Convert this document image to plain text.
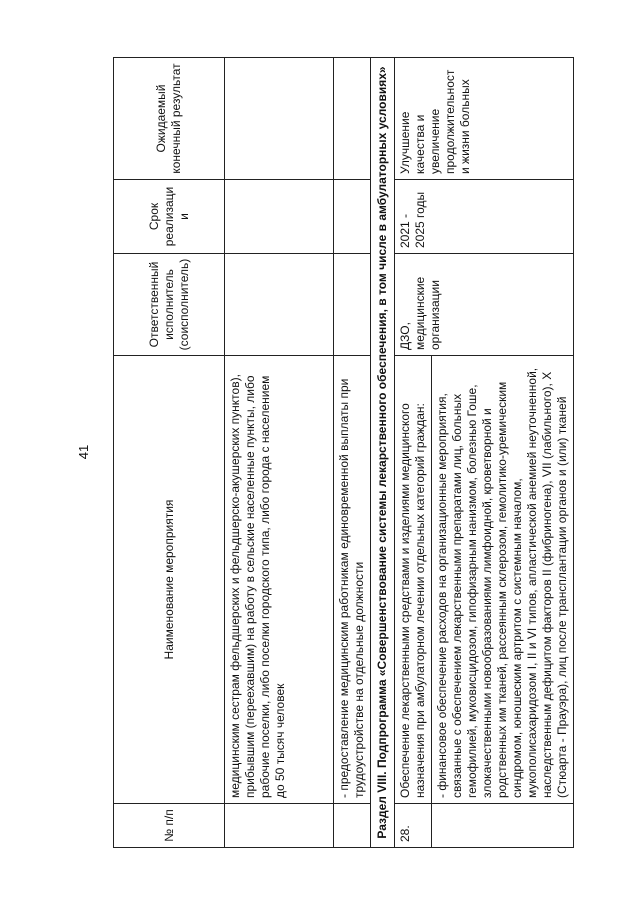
41
№ п/п	Наименование мероприятия	Ответственный исполнитель (соисполнитель)	Срок реализации	Ожидаемый конечный результат
	медицинским сестрам фельдшерских и фельдшерско-акушерских пунктов), прибывшим (переехавшим) на работу в сельские населенные пункты, либо рабочие поселки, либо поселки городского типа, либо города с населением до 50 тысяч человек			
	- предоставление медицинским работникам единовременной выплаты при трудоустройстве на отдельные должности			
Раздел VIII. Подпрограмма «Совершенствование системы лекарственного обеспечения, в том числе в амбулаторных условиях»				
28.	Обеспечение лекарственными средствами и изделиями медицинского назначения при амбулаторном лечении отдельных категорий граждан:	ДЗО, медицинские организации	2021 - 2025 годы	Улучшение качества и увеличение продолжительности жизни больных
	- финансовое обеспечение расходов на организационные мероприятия, связанные с обеспечением лекарственными препаратами лиц, больных гемофилией, муковисцидозом, гипофизарным нанизмом, болезнью Гоше, злокачественными новообразованиями лимфоидной, кроветворной и родственных им тканей, рассеянным склерозом, гемолитико-уремическим синдромом, юношеским артритом с системным началом, мукополисахаридозом I, II и VI типов, апластической анемией неуточненной, наследственным дефицитом факторов II (фибриногена), VII (лабильного), X (Стюарта - Прауэра), лиц после трансплантации органов и (или) тканей			
